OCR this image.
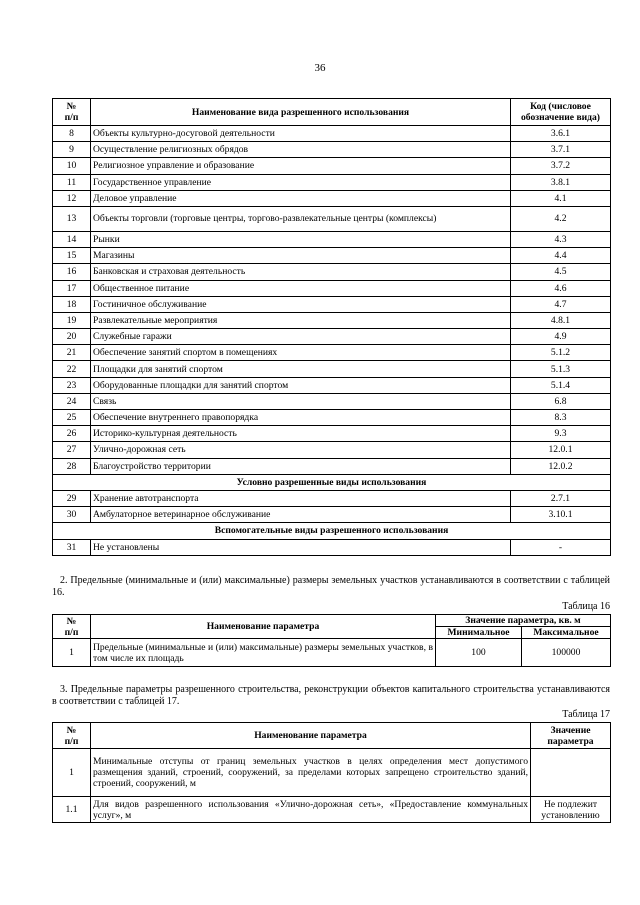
36
№
п/п	Наименование вида разрешенного использования	Код (числовое обозначение вида)
8	Объекты культурно-досуговой деятельности	3.6.1
9	Осуществление религиозных обрядов	3.7.1
10	Религиозное управление и образование	3.7.2
11	Государственное управление	3.8.1
12	Деловое управление	4.1
13	Объекты торговли (торговые центры, торгово-развлекательные центры (комплексы)	4.2
14	Рынки	4.3
15	Магазины	4.4
16	Банковская и страховая деятельность	4.5
17	Общественное питание	4.6
18	Гостиничное обслуживание	4.7
19	Развлекательные мероприятия	4.8.1
20	Служебные гаражи	4.9
21	Обеспечение занятий спортом в помещениях	5.1.2
22	Площадки для занятий спортом	5.1.3
23	Оборудованные площадки для занятий спортом	5.1.4
24	Связь	6.8
25	Обеспечение внутреннего правопорядка	8.3
26	Историко-культурная деятельность	9.3
27	Улично-дорожная сеть	12.0.1
28	Благоустройство территории	12.0.2
Условно разрешенные виды использования		
29	Хранение автотранспорта	2.7.1
30	Амбулаторное ветеринарное обслуживание	3.10.1
Вспомогательные виды разрешенного использования		
31	Не установлены	-
2. Предельные (минимальные и (или) максимальные) размеры земельных участков устанавливаются в соответствии с таблицей 16.
Таблица 16
№
п/п	Наименование параметра	Значение параметра, кв. м	
		Минимальное	Максимальное
1	Предельные (минимальные и (или) максимальные) размеры земельных участков, в том числе их площадь	100	100000
3. Предельные параметры разрешенного строительства, реконструкции объектов капитального строительства устанавливаются в соответствии с таблицей 17.
Таблица 17
№
п/п	Наименование параметра	Значение параметра
1	Минимальные отступы от границ земельных участков в целях определения мест допустимого размещения зданий, строений, сооружений, за пределами которых запрещено строительство зданий, строений, сооружений, м	
1.1	Для видов разрешенного использования «Улично-дорожная сеть», «Предоставление коммунальных услуг», м	Не подлежит установлению
